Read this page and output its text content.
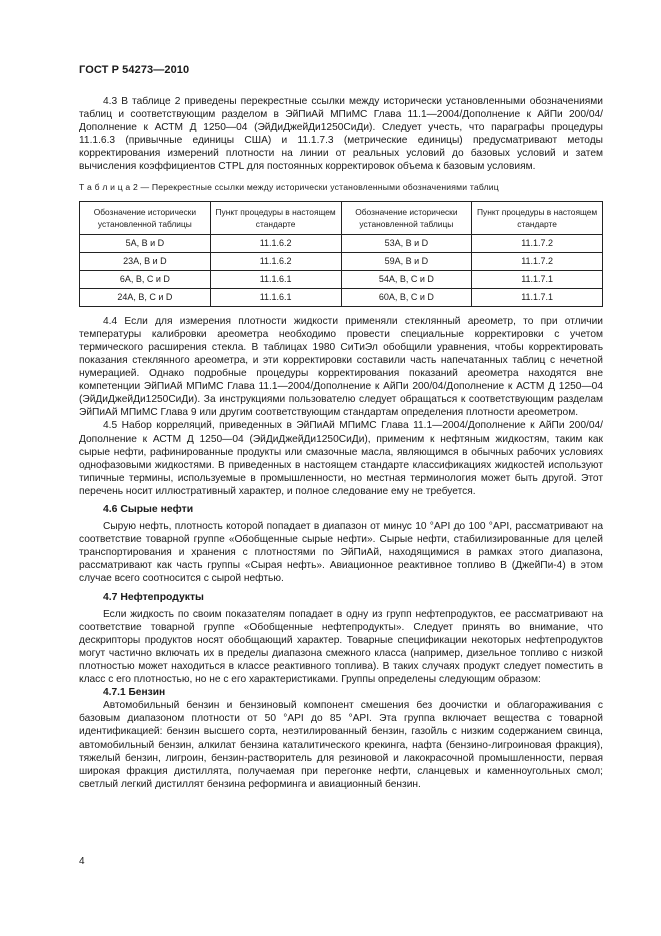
ГОСТ Р 54273—2010

4.3 В таблице 2 приведены перекрестные ссылки между исторически установленными обозначениями таблиц и соответствующим разделом в ЭйПиАй МПиМС Глава 11.1—2004/Дополнение к АйПи 200/04/Дополнение к АСТМ Д 1250—04 (ЭйДиДжейДи1250СиДи). Следует учесть, что параграфы процедуры 11.1.6.3 (привычные единицы США) и 11.1.7.3 (метрические единицы) предусматривают методы корректирования измерений плотности на линии от реальных условий до базовых условий и затем вычисления коэффициентов CTPL для постоянных корректировок объема к базовым условиям.

Т а б л и ц а 2 — Перекрестные ссылки между исторически установленными обозначениями таблиц

Обозначение исторически установленной таблицы	Пункт процедуры в настоящем стандарте	Обозначение исторически установленной таблицы	Пункт процедуры в настоящем стандарте
5A, B и D	11.1.6.2	53A, B и D	11.1.7.2
23A, B и D	11.1.6.2	59A, B и D	11.1.7.2
6A, B, C и D	11.1.6.1	54A, B, C и D	11.1.7.1
24A, B, C и D	11.1.6.1	60A, B, C и D	11.1.7.1

4.4 Если для измерения плотности жидкости применяли стеклянный ареометр, то при отличии температуры калибровки ареометра необходимо провести специальные корректировки с учетом термического расширения стекла. В таблицах 1980 СиТиЭл обобщили уравнения, чтобы корректировать показания стеклянного ареометра, и эти корректировки составили часть напечатанных таблиц с нечетной нумерацией. Однако подробные процедуры корректирования показаний ареометра находятся вне компетенции ЭйПиАй МПиМС Глава 11.1—2004/Дополнение к АйПи 200/04/Дополнение к АСТМ Д 1250—04 (ЭйДиДжейДи1250СиДи). За инструкциями пользователю следует обращаться к соответствующим разделам ЭйПиАй МПиМС Глава 9 или другим соответствующим стандартам определения плотности ареометром.

4.5 Набор корреляций, приведенных в ЭйПиАй МПиМС Глава 11.1—2004/Дополнение к АйПи 200/04/Дополнение к АСТМ Д 1250—04 (ЭйДиДжейДи1250СиДи), применим к нефтяным жидкостям, таким как сырые нефти, рафинированные продукты или смазочные масла, являющимся в обычных рабочих условиях однофазовыми жидкостями. В приведенных в настоящем стандарте классификациях жидкостей используют типичные термины, используемые в промышленности, но местная терминология может быть другой. Этот перечень носит иллюстративный характер, и полное следование ему не требуется.

4.6 Сырые нефти

Сырую нефть, плотность которой попадает в диапазон от минус 10 °API до 100 °API, рассматривают на соответствие товарной группе «Обобщенные сырые нефти». Сырые нефти, стабилизированные для целей транспортирования и хранения с плотностями по ЭйПиАй, находящимися в рамках этого диапазона, рассматривают как часть группы «Сырая нефть». Авиационное реактивное топливо В (ДжейПи-4) в этом случае всего соотносится с сырой нефтью.

4.7 Нефтепродукты

Если жидкость по своим показателям попадает в одну из групп нефтепродуктов, ее рассматривают на соответствие товарной группе «Обобщенные нефтепродукты». Следует принять во внимание, что дескрипторы продуктов носят обобщающий характер. Товарные спецификации некоторых нефтепродуктов могут частично включать их в пределы диапазона смежного класса (например, дизельное топливо с низкой плотностью может находиться в классе реактивного топлива). В таких случаях продукт следует поместить в класс с его плотностью, но не с его характеристиками. Группы определены следующим образом:

4.7.1 Бензин

Автомобильный бензин и бензиновый компонент смешения без доочистки и облагораживания с базовым диапазоном плотности от 50 °API до 85 °API. Эта группа включает вещества с товарной идентификацией: бензин высшего сорта, неэтилированный бензин, газойль с низким содержанием свинца, автомобильный бензин, алкилат бензина каталитического крекинга, нафта (бензино-лигроиновая фракция), тяжелый бензин, лигроин, бензин-растворитель для резиновой и лакокрасочной промышленности, первая широкая фракция дистиллята, получаемая при перегонке нефти, сланцевых и каменноугольных смол; светлый легкий дистиллят бензина реформинга и авиационный бензин.

4
